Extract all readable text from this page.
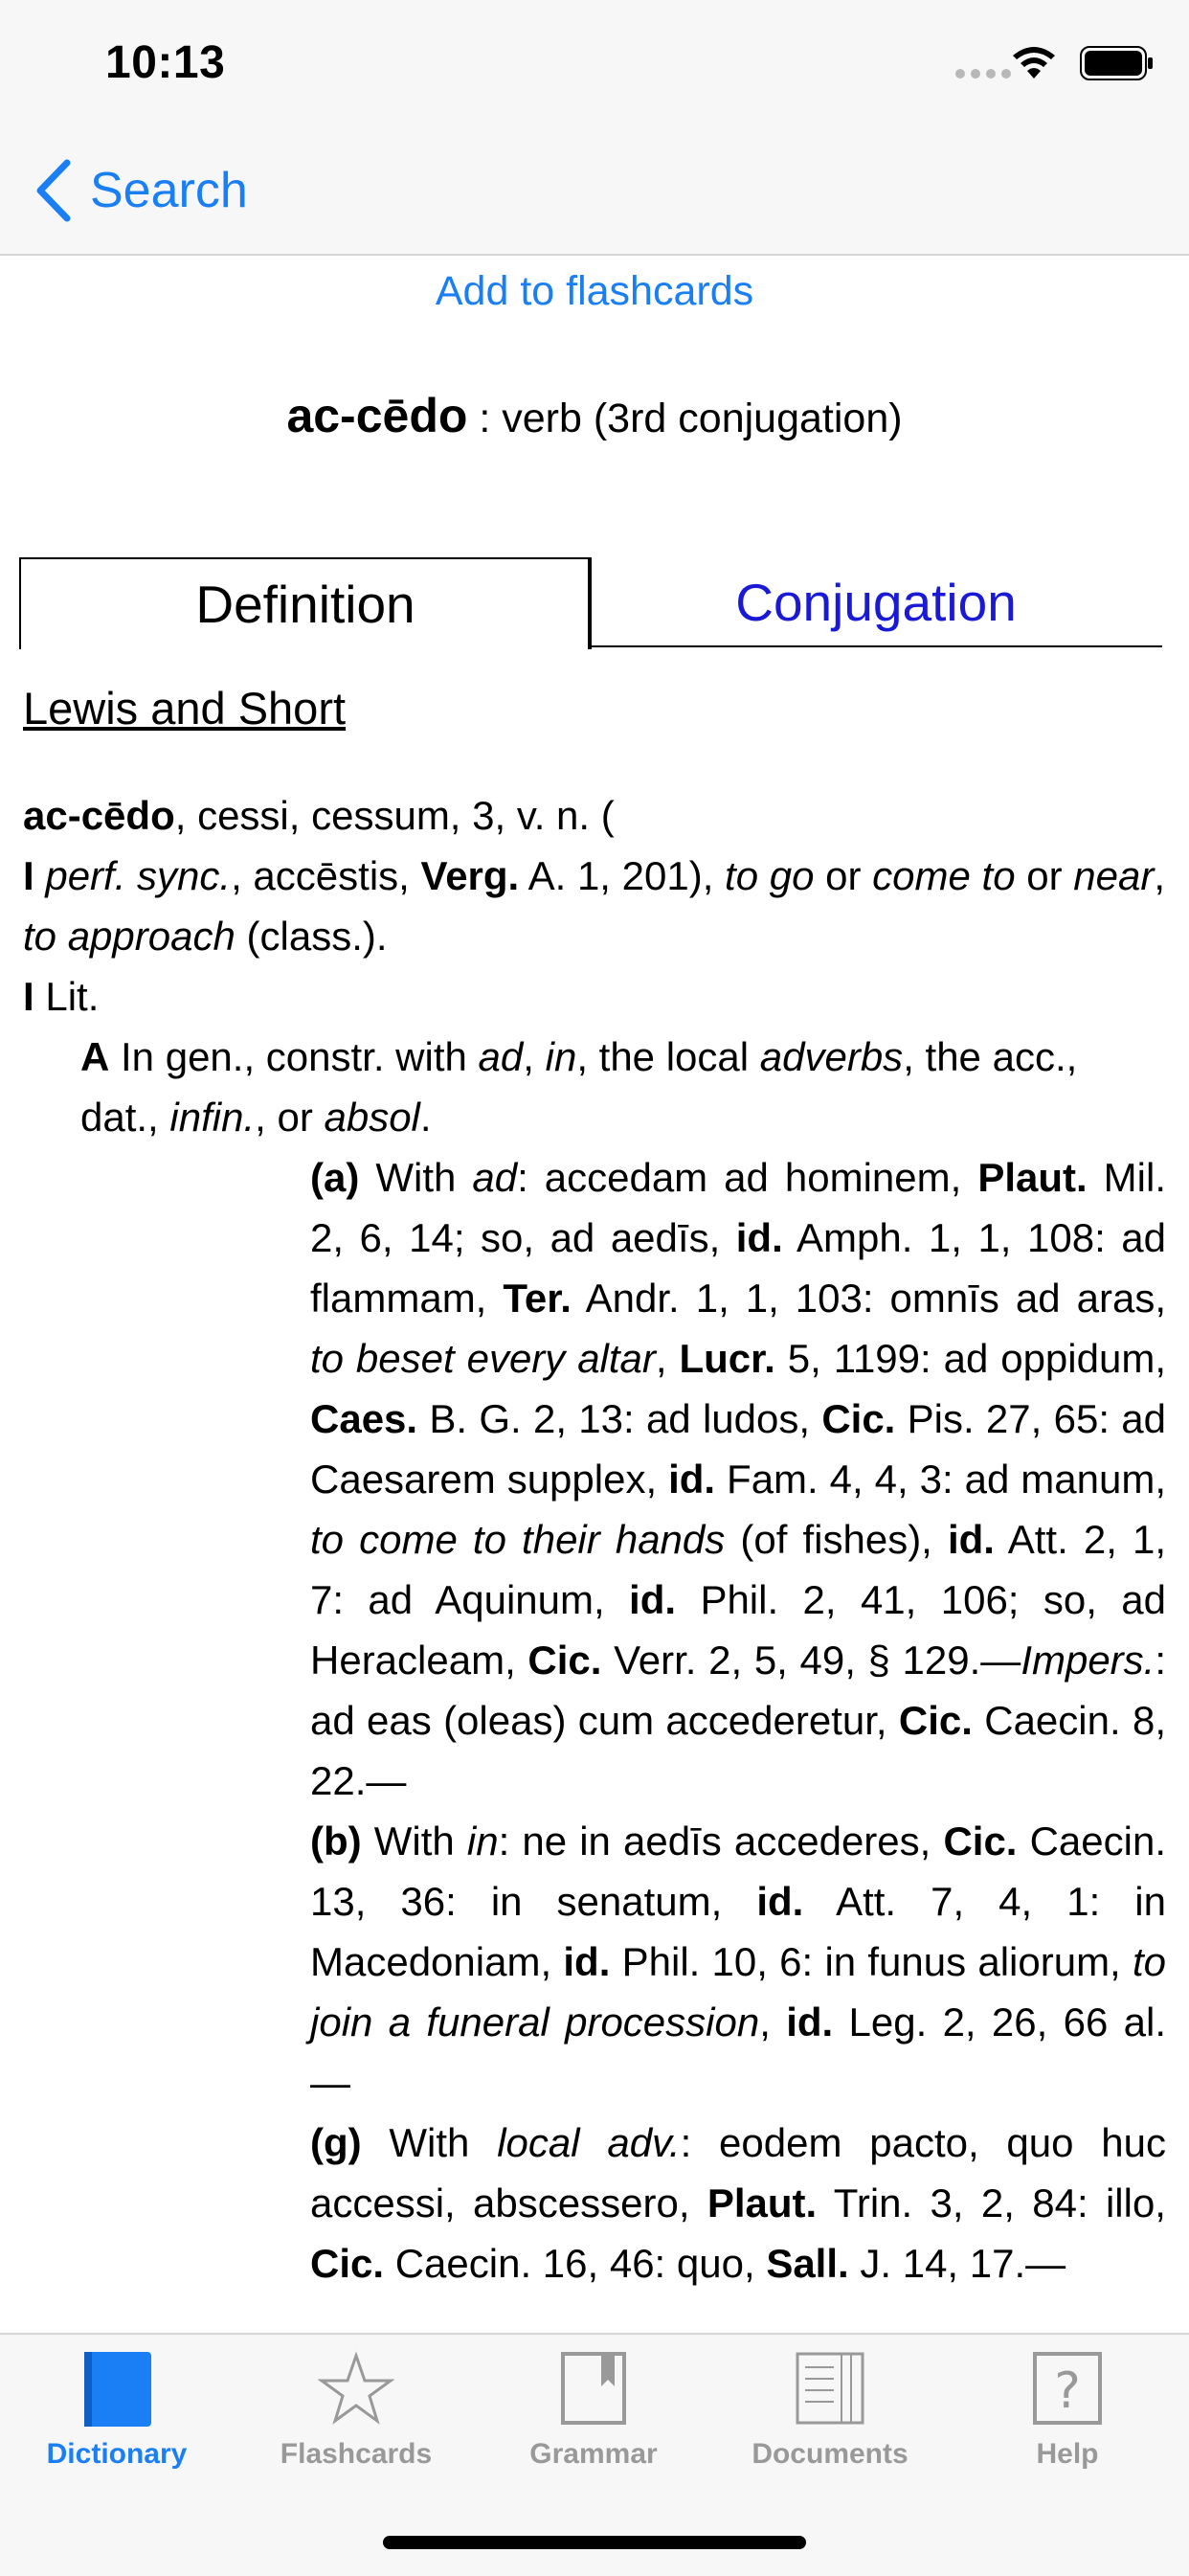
10:13
Search
Add to flashcards
ac-cēdo : verb (3rd conjugation)
Definition	Conjugation
Lewis and Short

ac-cēdo, cessi, cessum, 3, v. n. (

I perf. sync., accēstis, Verg. A. 1, 201), to go or come to or near, to approach (class.).

I Lit.

A In gen., constr. with ad, in, the local adverbs, the acc., dat., infin., or absol.

(a) With ad: accedam ad hominem, Plaut. Mil. 2, 6, 14; so, ad aedīs, id. Amph. 1, 1, 108: ad flammam, Ter. Andr. 1, 1, 103: omnīs ad aras, to beset every altar, Lucr. 5, 1199: ad oppidum, Caes. B. G. 2, 13: ad ludos, Cic. Pis. 27, 65: ad Caesarem supplex, id. Fam. 4, 4, 3: ad manum, to come to their hands (of fishes), id. Att. 2, 1, 7: ad Aquinum, id. Phil. 2, 41, 106; so, ad Heracleam, Cic. Verr. 2, 5, 49, § 129.—Impers.: ad eas (oleas) cum accederetur, Cic. Caecin. 8, 22.—

(b) With in: ne in aedīs accederes, Cic. Caecin. 13, 36: in senatum, id. Att. 7, 4, 1: in Macedoniam, id. Phil. 10, 6: in funus aliorum, to join a funeral procession, id. Leg. 2, 26, 66 al.—

(g) With local adv.: eodem pacto, quo huc accessi, abscessero, Plaut. Trin. 3, 2, 84: illo, Cic. Caecin. 16, 46: quo, Sall. J. 14, 17.—

Dictionary	Flashcards	Grammar	Documents
?
Help
